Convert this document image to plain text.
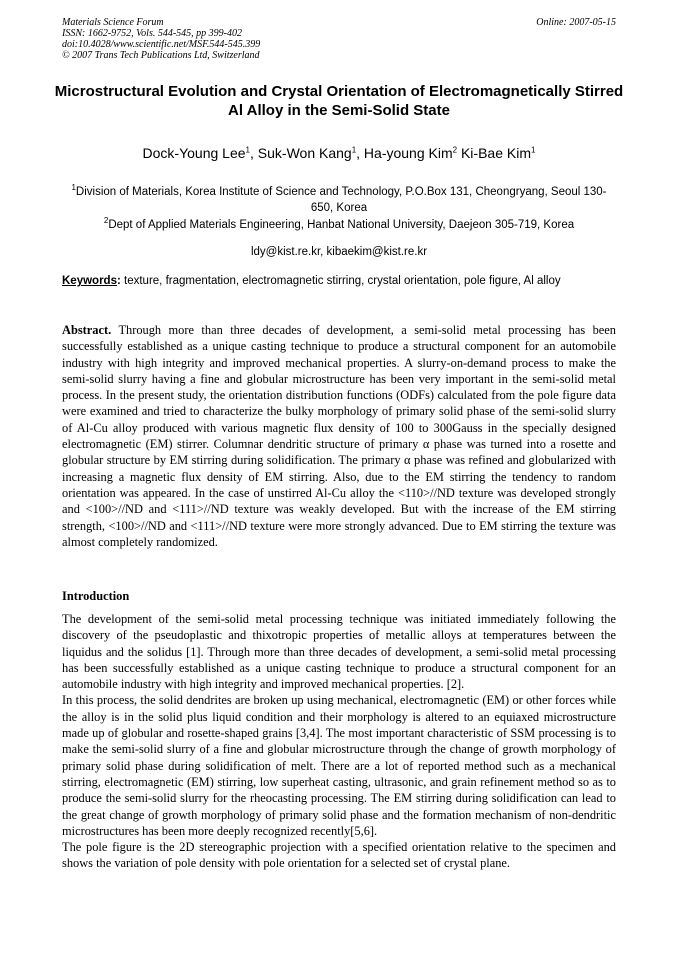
Materials Science Forum
ISSN: 1662-9752, Vols. 544-545, pp 399-402
doi:10.4028/www.scientific.net/MSF.544-545.399
© 2007 Trans Tech Publications Ltd, Switzerland
Online: 2007-05-15
Microstructural Evolution and Crystal Orientation of Electromagnetically Stirred Al Alloy in the Semi-Solid State
Dock-Young Lee$^1$, Suk-Won Kang$^1$, Ha-young Kim$^2$ Ki-Bae Kim$^1$
$^1$Division of Materials, Korea Institute of Science and Technology, P.O.Box 131, Cheongryang, Seoul 130-650, Korea
$^2$Dept of Applied Materials Engineering, Hanbat National University, Daejeon 305-719, Korea
ldy@kist.re.kr, kibaekim@kist.re.kr
Keywords: texture, fragmentation, electromagnetic stirring, crystal orientation, pole figure, Al alloy
Abstract. Through more than three decades of development, a semi-solid metal processing has been successfully established as a unique casting technique to produce a structural component for an automobile industry with high integrity and improved mechanical properties. A slurry-on-demand process to make the semi-solid slurry having a fine and globular microstructure has been very important in the semi-solid metal process. In the present study, the orientation distribution functions (ODFs) calculated from the pole figure data were examined and tried to characterize the bulky morphology of primary solid phase of the semi-solid slurry of Al-Cu alloy produced with various magnetic flux density of 100 to 300Gauss in the specially designed electromagnetic (EM) stirrer. Columnar dendritic structure of primary α phase was turned into a rosette and globular structure by EM stirring during solidification. The primary α phase was refined and globularized with increasing a magnetic flux density of EM stirring. Also, due to the EM stirring the tendency to random orientation was appeared. In the case of unstirred Al-Cu alloy the <110>//ND texture was developed strongly and <100>//ND and <111>//ND texture was weakly developed. But with the increase of the EM stirring strength, <100>//ND and <111>//ND texture were more strongly advanced. Due to EM stirring the texture was almost completely randomized.
Introduction
The development of the semi-solid metal processing technique was initiated immediately following the discovery of the pseudoplastic and thixotropic properties of metallic alloys at temperatures between the liquidus and the solidus [1]. Through more than three decades of development, a semi-solid metal processing has been successfully established as a unique casting technique to produce a structural component for an automobile industry with high integrity and improved mechanical properties. [2].
In this process, the solid dendrites are broken up using mechanical, electromagnetic (EM) or other forces while the alloy is in the solid plus liquid condition and their morphology is altered to an equiaxed microstructure made up of globular and rosette-shaped grains [3,4]. The most important characteristic of SSM processing is to make the semi-solid slurry of a fine and globular microstructure through the change of growth morphology of primary solid phase during solidification of melt. There are a lot of reported method such as a mechanical stirring, electromagnetic (EM) stirring, low superheat casting, ultrasonic, and grain refinement method so as to produce the semi-solid slurry for the rheocasting processing. The EM stirring during solidification can lead to the great change of growth morphology of primary solid phase and the formation mechanism of non-dendritic microstructures has been more deeply recognized recently[5,6].
The pole figure is the 2D stereographic projection with a specified orientation relative to the specimen and shows the variation of pole density with pole orientation for a selected set of crystal plane.
